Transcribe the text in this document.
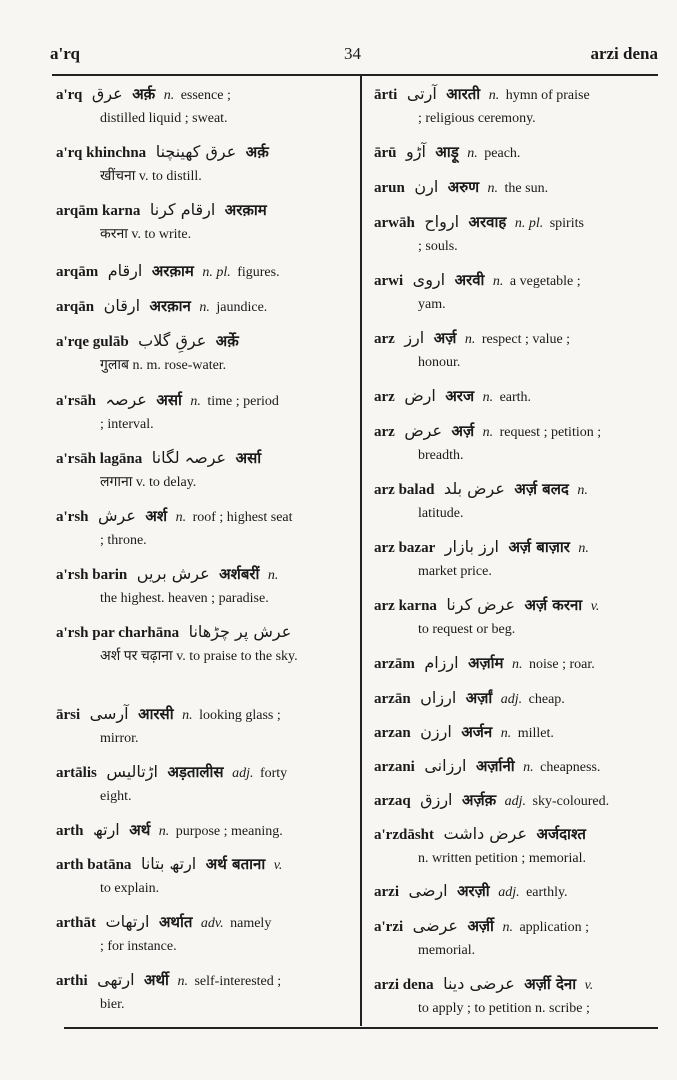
a'rq	34	arzi dena
a'rq عرق अर्क़ n. essence ;
distilled liquid ; sweat.
a'rq khinchna عرق کھینچنا अर्क़
खींचना v. to distill.
arqām karna ارقام کرنا अरक़ाम
करना v. to write.
arqām ارقام अरक़ाम n. pl. figures.
arqān ارقان अरक़ान n. jaundice.
a'rqe gulāb عرقِ گلاب अर्क़े
गुलाब n. m. rose-water.
a'rsāh عرصہ अर्सा n. time ; period
; interval.
a'rsāh lagāna عرصہ لگانا अर्सा
लगाना v. to delay.
a'rsh عرش अर्श n. roof ; highest seat
; throne.
a'rsh barin عرش بریں अर्शबरीं n.
the highest. heaven ; paradise.
a'rsh par charhāna عرش پر چڑھانا
अर्श पर चढ़ाना v. to praise to the sky.
ārsi آرسی आरसी n. looking glass ;
mirror.
artālis اڑتالیس अड़तालीस adj. forty
eight.
arth ارتھ अर्थ n. purpose ; meaning.
arth batāna ارتھ بتانا अर्थ बताना v.
to explain.
arthāt ارتھات अर्थात adv. namely
; for instance.
arthi ارتھی अर्थी n. self-interested ;
bier.
ārti آرتی आरती n. hymn of praise
; religious ceremony.
ārū آڑو आड़ू n. peach.
arun ارن अरुण n. the sun.
arwāh ارواح अरवाह n. pl. spirits
; souls.
arwi اروی अरवी n. a vegetable ;
yam.
arz ارز अर्ज़ n. respect ; value ;
honour.
arz ارض अरज n. earth.
arz عرض अर्ज़ n. request ; petition ;
breadth.
arz balad عرض بلد अर्ज़ बलद n.
latitude.
arz bazar ارز بازار अर्ज़ बाज़ार n.
market price.
arz karna عرض کرنا अर्ज़ करना v.
to request or beg.
arzām ارزام अर्ज़ाम n. noise ; roar.
arzān ارزاں अर्ज़ां adj. cheap.
arzan ارزن अर्जन n. millet.
arzani ارزانی अर्ज़ानी n. cheapness.
arzaq ارزق अर्ज़क़ adj. sky-coloured.
a'rzdāsht عرض داشت अर्जदाश्त
n. written petition ; memorial.
arzi ارضی अरज़ी adj. earthly.
a'rzi عرضی अर्ज़ी n. application ;
memorial.
arzi dena عرضی دینا अर्ज़ी देना v.
to apply ; to petition n. scribe ;
